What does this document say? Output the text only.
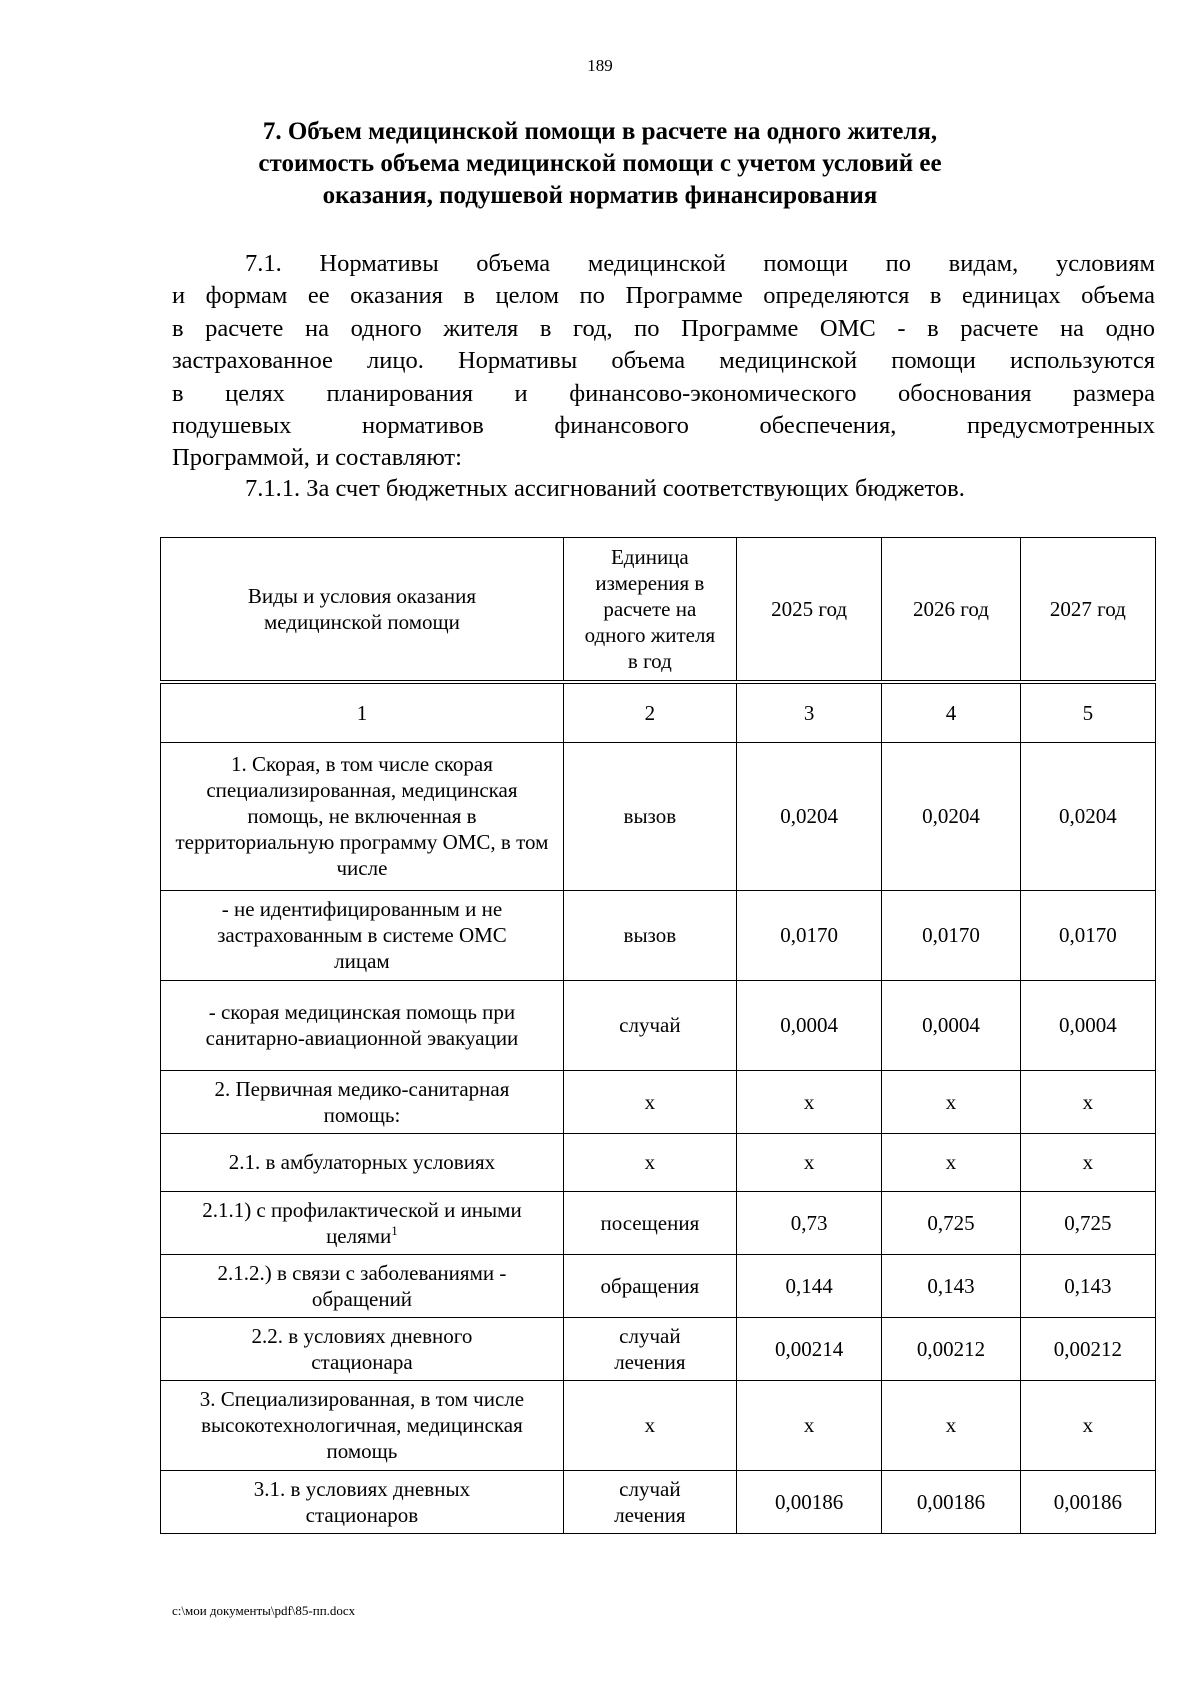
189
7. Объем медицинской помощи в расчете на одного жителя,
стоимость объема медицинской помощи с учетом условий ее
оказания, подушевой норматив финансирования
7.1. Нормативы объема медицинской помощи по видам, условиям
и формам ее оказания в целом по Программе определяются в единицах объема
в расчете на одного жителя в год, по Программе ОМС - в расчете на одно
застрахованное лицо. Нормативы объема медицинской помощи используются
в целях планирования и финансово-экономического обоснования размера
подушевых нормативов финансового обеспечения, предусмотренных
Программой, и составляют:
7.1.1. За счет бюджетных ассигнований соответствующих бюджетов.
Виды и условия оказания медицинской помощи	Единица измерения в расчете на одного жителя в год	2025 год	2026 год	2027 год
1	2	3	4	5
1. Скорая, в том числе скорая специализированная, медицинская помощь, не включенная в территориальную программу ОМС, в том числе	вызов	0,0204	0,0204	0,0204
- не идентифицированным и не застрахованным в системе ОМС лицам	вызов	0,0170	0,0170	0,0170
- скорая медицинская помощь при санитарно-авиационной эвакуации	случай	0,0004	0,0004	0,0004
2. Первичная медико-санитарная помощь:	x	x	x	x
2.1. в амбулаторных условиях	x	x	x	x
2.1.1) с профилактической и иными целями$^1$	посещения	0,73	0,725	0,725
2.1.2.) в связи с заболеваниями - обращений	обращения	0,144	0,143	0,143
2.2. в условиях дневного стационара	случай лечения	0,00214	0,00212	0,00212
3. Специализированная, в том числе высокотехнологичная, медицинская помощь	x	x	x	x
3.1. в условиях дневных стационаров	случай лечения	0,00186	0,00186	0,00186
c:\мои документы\pdf\85-пп.docx
